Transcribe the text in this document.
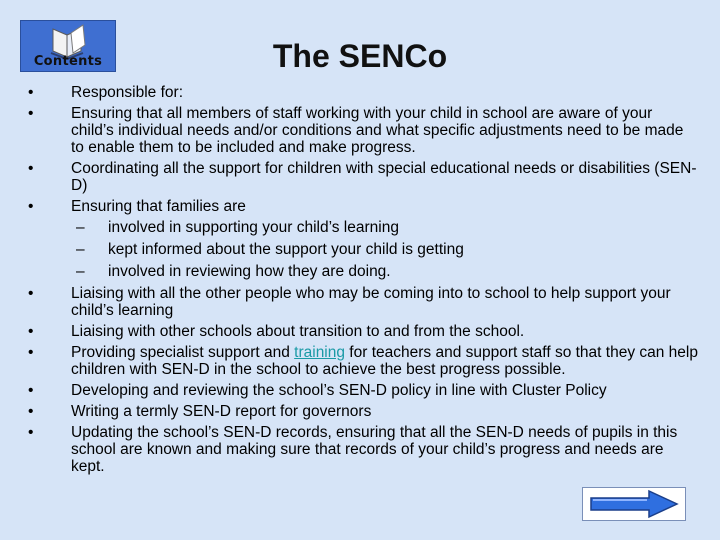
Contents	The SENCo
•	Responsible for:
•	Ensuring that all members of staff working with your child in school are aware of your child’s individual needs and/or conditions and what specific adjustments need to be made to enable them to be included and make progress.
•	Coordinating all the support for children with special educational needs or disabilities (SEN-D)
•	Ensuring that families are
– involved in supporting your child’s learning
– kept informed about the support your child is getting
– involved in reviewing how they are doing.
•	Liaising with all the other people who may be coming into to school to help support your child’s learning
•	Liaising with other schools about transition to and from the school.
•	Providing specialist support and training for teachers and support staff so that they can help children with SEN-D in the school to achieve the best progress possible.
•	Developing and reviewing the school’s SEN-D policy in line with Cluster Policy
•	Writing a termly SEN-D report for governors
•	Updating the school’s SEN-D records, ensuring that all the SEN-D needs of pupils in this school are known and making sure that records of your child’s progress and needs are kept.
